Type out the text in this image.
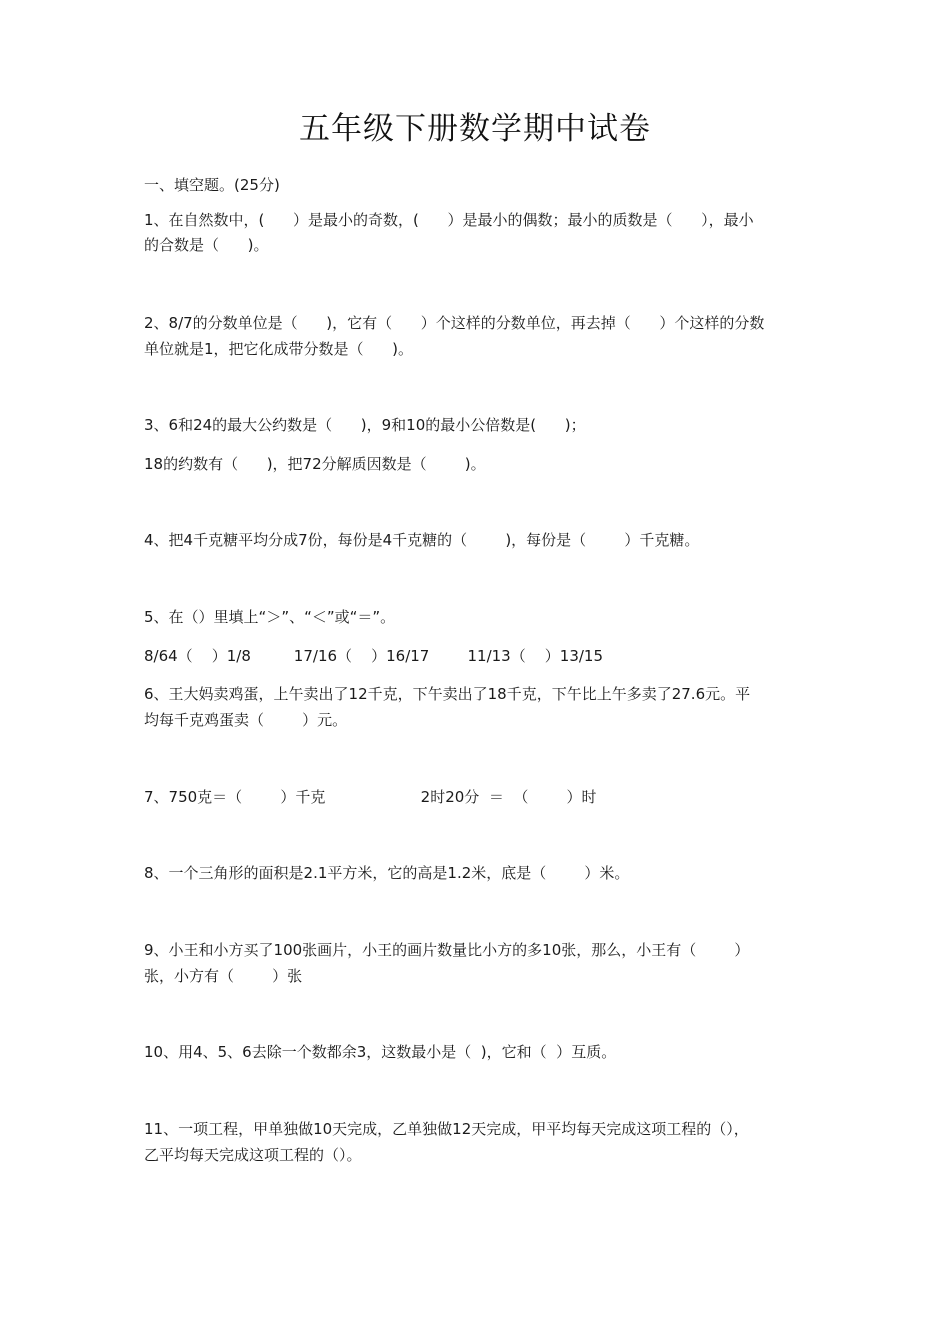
五年级下册数学期中试卷
一、填空题。(25分)
1、在自然数中，(      ）是最小的奇数，(      ）是最小的偶数；最小的质数是（      ），最小
的合数是（      )。
2、8/7的分数单位是（      )，它有（      ）个这样的分数单位，再去掉（      ）个这样的分数
单位就是1，把它化成带分数是（      )。
3、6和24的最大公约数是（      )，9和10的最小公倍数是(      )；
18的约数有（      )，把72分解质因数是（        )。
4、把4千克糖平均分成7份，每份是4千克糖的（        )，每份是（        ）千克糖。
5、在（）里填上“＞”、“＜”或“＝”。
8/64（    ）1/8         17/16（    ）16/17        11/13（    ）13/15
6、王大妈卖鸡蛋，上午卖出了12千克，下午卖出了18千克，下午比上午多卖了27.6元。平
均每千克鸡蛋卖（        ）元。
7、750克＝（        ）千克                    2时20分  ＝  （        ）时
8、一个三角形的面积是2.1平方米，它的高是1.2米，底是（        ）米。
9、小王和小方买了100张画片，小王的画片数量比小方的多10张，那么，小王有（        ）
张，小方有（        ）张
10、用4、5、6去除一个数都余3，这数最小是（  )，它和（  ）互质。
11、一项工程，甲单独做10天完成，乙单独做12天完成，甲平均每天完成这项工程的（），
乙平均每天完成这项工程的（）。
